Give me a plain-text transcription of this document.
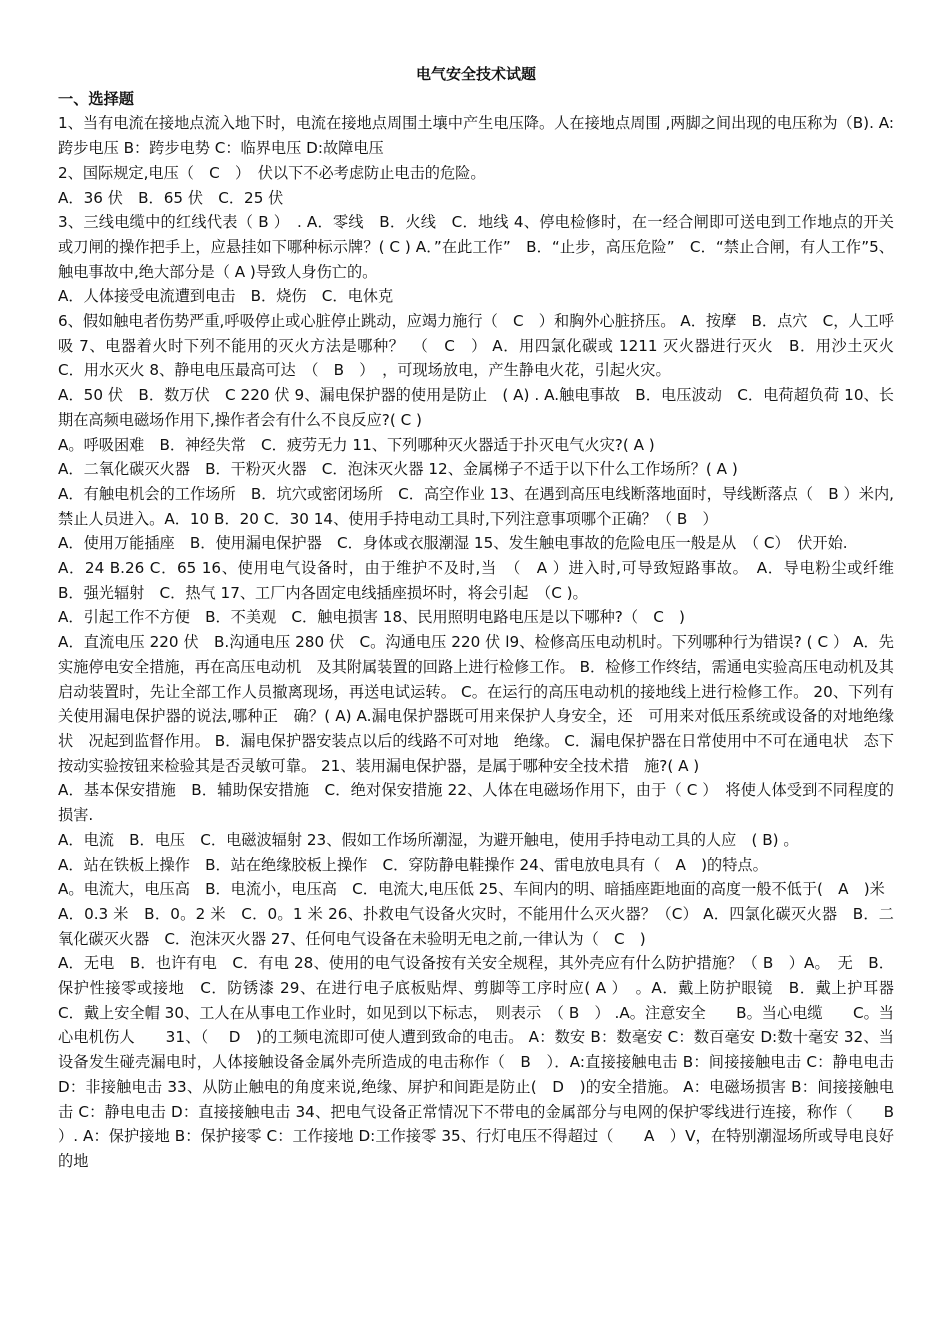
电气安全技术试题
一、选择题

1、当有电流在接地点流入地下时，电流在接地点周围土壤中产生电压降。人在接地点周围 ,两脚之间出现的电压称为（B). A:跨步电压 B：跨步电势 C：临界电压 D:故障电压

2、国际规定,电压（　C　）　伏以下不必考虑防止电击的危险。

A．36 伏　B．65 伏　C．25 伏

3、三线电缆中的红线代表（ B ）　. A．零线　B．火线　C．地线 4、停电检修时，在一经合闸即可送电到工作地点的开关或刀闸的操作把手上，应悬挂如下哪种标示牌？( C ) A．”在此工作”　B．“止步，高压危险”　C．“禁止合闸，有人工作”5、触电事故中,绝大部分是（ A )导致人身伤亡的。

A．人体接受电流遭到电击　B．烧伤　C．电休克

6、假如触电者伤势严重,呼吸停止或心脏停止跳动，应竭力施行（　C　）和胸外心脏挤压。 A．按摩　B．点穴　C，人工呼吸 7、电器着火时下列不能用的灭火方法是哪种？　（　C　） A．用四氯化碳或 1211 灭火器进行灭火　B．用沙土灭火　C．用水灭火 8、静电电压最高可达　（　B　）　，可现场放电，产生静电火花，引起火灾。

A．50 伏　B．数万伏　C 220 伏 9、漏电保护器的使用是防止　( A) . A.触电事故　B．电压波动　C．电荷超负荷 10、长期在高频电磁场作用下,操作者会有什么不良反应?( C )

A。呼吸困难　B．神经失常　C．疲劳无力 11、下列哪种灭火器适于扑灭电气火灾?( A )

A．二氧化碳灭火器　B．干粉灭火器　C．泡沫灭火器 12、金属梯子不适于以下什么工作场所？( A )

A．有触电机会的工作场所　B．坑穴或密闭场所　C．高空作业 13、在遇到高压电线断落地面时，导线断落点（　B ）米内,禁止人员进入。A．10 B．20 C．30 14、使用手持电动工具时,下列注意事项哪个正确？（ B　）

A．使用万能插座　B．使用漏电保护器　C．身体或衣服潮湿 15、发生触电事故的危险电压一般是从　（ C）　伏开始.

A．24 B.26 C．65 16、使用电气设备时，由于维护不及时,当　（　A ）进入时,可导致短路事故。　A．导电粉尘或纤维　B．强光辐射　C．热气 17、工厂内各固定电线插座损坏时，将会引起　（C )。

A．引起工作不方便　B．不美观　C．触电损害 18、民用照明电路电压是以下哪种?（　C　)

A．直流电压 220 伏　B.沟通电压 280 伏　C。沟通电压 220 伏 l9、检修高压电动机时。下列哪种行为错误? ( C ） A．先实施停电安全措施，再在高压电动机　及其附属装置的回路上进行检修工作。 B．检修工作终结，需通电实验高压电动机及其启动装置时，先让全部工作人员撤离现场，再送电试运转。 C。在运行的高压电动机的接地线上进行检修工作。 20、下列有关使用漏电保护器的说法,哪种正　确？( A) A.漏电保护器既可用来保护人身安全，还　可用来对低压系统或设备的对地绝缘状　况起到监督作用。 B．漏电保护器安装点以后的线路不可对地　绝缘。 C．漏电保护器在日常使用中不可在通电状　态下按动实验按钮来检验其是否灵敏可靠。 21、装用漏电保护器，是属于哪种安全技术措　施?( A )

A．基本保安措施　B．辅助保安措施　C．绝对保安措施 22、人体在电磁场作用下，由于（ C ）　将使人体受到不同程度的损害.

A．电流　B．电压　C．电磁波辐射 23、假如工作场所潮湿，为避开触电，使用手持电动工具的人应　( B) 。

A．站在铁板上操作　B．站在绝缘胶板上操作　C．穿防静电鞋操作 24、雷电放电具有（　A　)的特点。

A。电流大，电压高　B．电流小，电压高　C．电流大,电压低 25、车间内的明、暗插座距地面的高度一般不低于(　A　)米

A．0.3 米　B．0。2 米　C．0。1 米 26、扑救电气设备火灾时，不能用什么灭火器？（C） A．四氯化碳灭火器　B．二氧化碳灭火器　C．泡沫灭火器 27、任何电气设备在未验明无电之前,一律认为（　C　)

A．无电　B．也许有电　C．有电 28、使用的电气设备按有关安全规程，其外壳应有什么防护措施？（ B　）A。　无　B．保护性接零或接地　C．防锈漆 29、在进行电子底板贴焊、剪脚等工序时应( A ）　。A．戴上防护眼镜　B．戴上护耳器　C．戴上安全帽 30、工人在从事电工作业时，如见到以下标志，　则表示　（ B　） .A。注意安全　　B。当心电缆　　C。当心电机伤人　　31、（　 D　)的工频电流即可使人遭到致命的电击。 A：数安 B：数毫安 C：数百毫安 D:数十毫安 32、当设备发生碰壳漏电时，人体接触设备金属外壳所造成的电击称作（　B　）．A:直接接触电击 B：间接接触电击 C：静电电击 D：非接触电击 33、从防止触电的角度来说,绝缘、屏护和间距是防止(　D　)的安全措施。 A：电磁场损害 B：间接接触电击 C：静电电击 D：直接接触电击 34、把电气设备正常情况下不带电的金属部分与电网的保护零线进行连接，称作（　　B　）. A：保护接地 B：保护接零 C：工作接地 D:工作接零 35、行灯电压不得超过（　　A　）V，在特别潮湿场所或导电良好的地
